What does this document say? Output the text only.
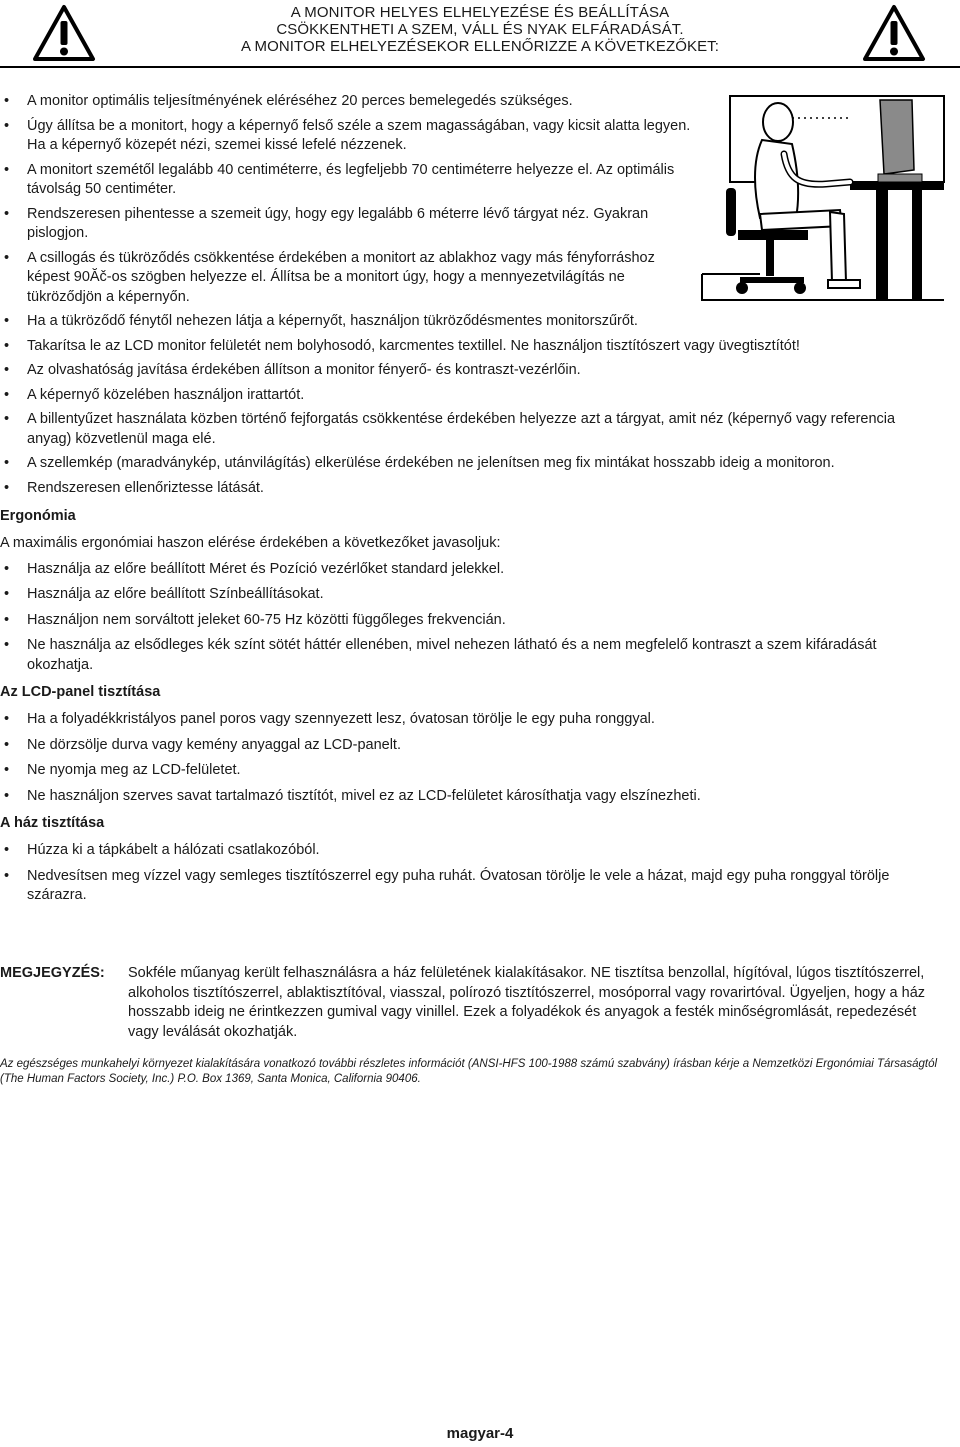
A MONITOR HELYES ELHELYEZÉSE ÉS BEÁLLÍTÁSA
CSÖKKENTHETI A SZEM, VÁLL ÉS NYAK ELFÁRADÁSÁT.
A MONITOR ELHELYEZÉSEKOR ELLENŐRIZZE A KÖVETKEZŐKET:
• A monitor optimális teljesítményének eléréséhez 20 perces bemelegedés szükséges.
• Úgy állítsa be a monitort, hogy a képernyő felső széle a szem magasságában, vagy kicsit alatta legyen. Ha a képernyő közepét nézi, szemei kissé lefelé nézzenek.
• A monitort szemétől legalább 40 centiméterre, és legfeljebb 70 centiméterre helyezze el. Az optimális távolság 50 centiméter.
• Rendszeresen pihentesse a szemeit úgy, hogy egy legalább 6 méterre lévő tárgyat néz. Gyakran pislogjon.
• A csillogás és tükröződés csökkentése érdekében a monitort az ablakhoz vagy más fényforráshoz képest 90Ăč-os szögben helyezze el. Állítsa be a monitort úgy, hogy a mennyezetvilágítás ne tükröződjön a képernyőn.
• Ha a tükröződő fénytől nehezen látja a képernyőt, használjon tükröződésmentes monitorszűrőt.
• Takarítsa le az LCD monitor felületét nem bolyhosodó, karcmentes textillel. Ne használjon tisztítószert vagy üvegtisztítót!
• Az olvashatóság javítása érdekében állítson a monitor fényerő- és kontraszt-vezérlőin.
• A képernyő közelében használjon irattartót.
• A billentyűzet használata közben történő fejforgatás csökkentése érdekében helyezze azt a tárgyat, amit néz (képernyő vagy referencia anyag) közvetlenül maga elé.
• A szellemkép (maradványkép, utánvilágítás) elkerülése érdekében ne jelenítsen meg fix mintákat hosszabb ideig a monitoron.
• Rendszeresen ellenőriztesse látását.
Ergonómia
A maximális ergonómiai haszon elérése érdekében a következőket javasoljuk:
• Használja az előre beállított Méret és Pozíció vezérlőket standard jelekkel.
• Használja az előre beállított Színbeállításokat.
• Használjon nem sorváltott jeleket 60-75 Hz közötti függőleges frekvencián.
• Ne használja az elsődleges kék színt sötét háttér ellenében, mivel nehezen látható és a nem megfelelő kontraszt a szem kifáradását okozhatja.
Az LCD-panel tisztítása
• Ha a folyadékkristályos panel poros vagy szennyezett lesz, óvatosan törölje le egy puha ronggyal.
• Ne dörzsölje durva vagy kemény anyaggal az LCD-panelt.
• Ne nyomja meg az LCD-felületet.
• Ne használjon szerves savat tartalmazó tisztítót, mivel ez az LCD-felületet károsíthatja vagy elszínezheti.
A ház tisztítása
• Húzza ki a tápkábelt a hálózati csatlakozóból.
• Nedvesítsen meg vízzel vagy semleges tisztítószerrel egy puha ruhát. Óvatosan törölje le vele a házat, majd egy puha ronggyal törölje szárazra.
MEGJEGYZÉS: Sokféle műanyag került felhasználásra a ház felületének kialakításakor. NE tisztítsa benzollal, hígítóval, lúgos tisztítószerrel, alkoholos tisztítószerrel, ablaktisztítóval, viasszal, polírozó tisztítószerrel, mosóporral vagy rovarirtóval. Ügyeljen, hogy a ház hosszabb ideig ne érintkezzen gumival vagy vinillel. Ezek a folyadékok és anyagok a festék minőségromlását, repedezését vagy leválását okozhatják.
Az egészséges munkahelyi környezet kialakítására vonatkozó további részletes információt (ANSI-HFS 100-1988 számú szabvány) írásban kérje a Nemzetközi Ergonómiai Társaságtól (The Human Factors Society, Inc.) P.O. Box 1369, Santa Monica, California 90406.
magyar-4
